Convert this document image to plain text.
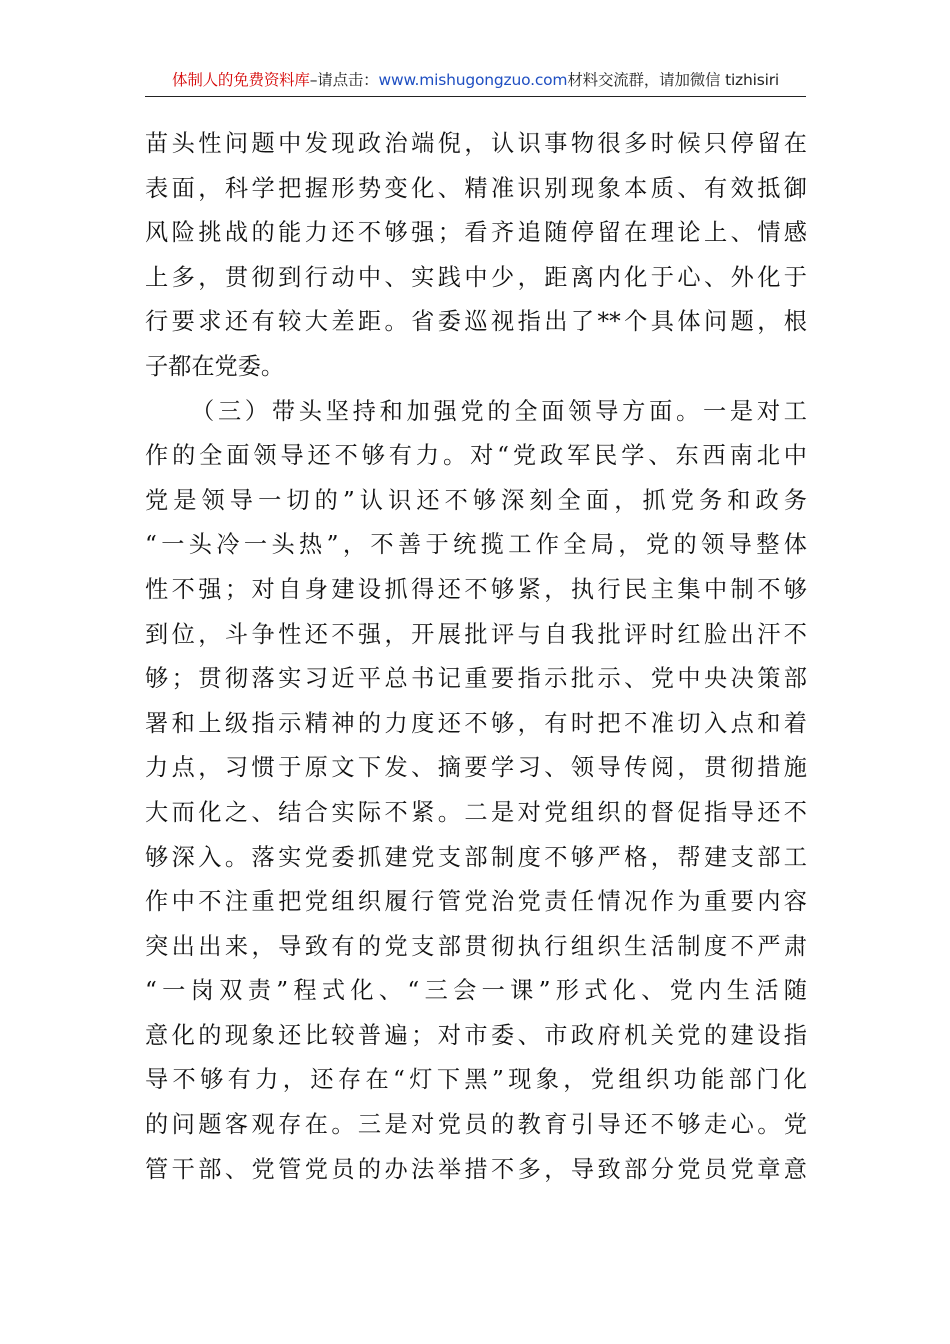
体制人的免费资料库–请点击：www.mishugongzuo.com材料交流群，请加微信 tizhisiri
苗头性问题中发现政治端倪，认识事物很多时候只停留在
表面，科学把握形势变化、精准识别现象本质、有效抵御
风险挑战的能力还不够强；看齐追随停留在理论上、情感
上多，贯彻到行动中、实践中少，距离内化于心、外化于
行要求还有较大差距。省委巡视指出了**个具体问题，根
子都在党委。
（三）带头坚持和加强党的全面领导方面。一是对工
作的全面领导还不够有力。对“党政军民学、东西南北中
党是领导一切的”认识还不够深刻全面，抓党务和政务
“一头冷一头热”，不善于统揽工作全局，党的领导整体
性不强；对自身建设抓得还不够紧，执行民主集中制不够
到位，斗争性还不强，开展批评与自我批评时红脸出汗不
够；贯彻落实习近平总书记重要指示批示、党中央决策部
署和上级指示精神的力度还不够，有时把不准切入点和着
力点，习惯于原文下发、摘要学习、领导传阅，贯彻措施
大而化之、结合实际不紧。二是对党组织的督促指导还不
够深入。落实党委抓建党支部制度不够严格，帮建支部工
作中不注重把党组织履行管党治党责任情况作为重要内容
突出出来，导致有的党支部贯彻执行组织生活制度不严肃
“一岗双责”程式化、“三会一课”形式化、党内生活随
意化的现象还比较普遍；对市委、市政府机关党的建设指
导不够有力，还存在“灯下黑”现象，党组织功能部门化
的问题客观存在。三是对党员的教育引导还不够走心。党
管干部、党管党员的办法举措不多，导致部分党员党章意
